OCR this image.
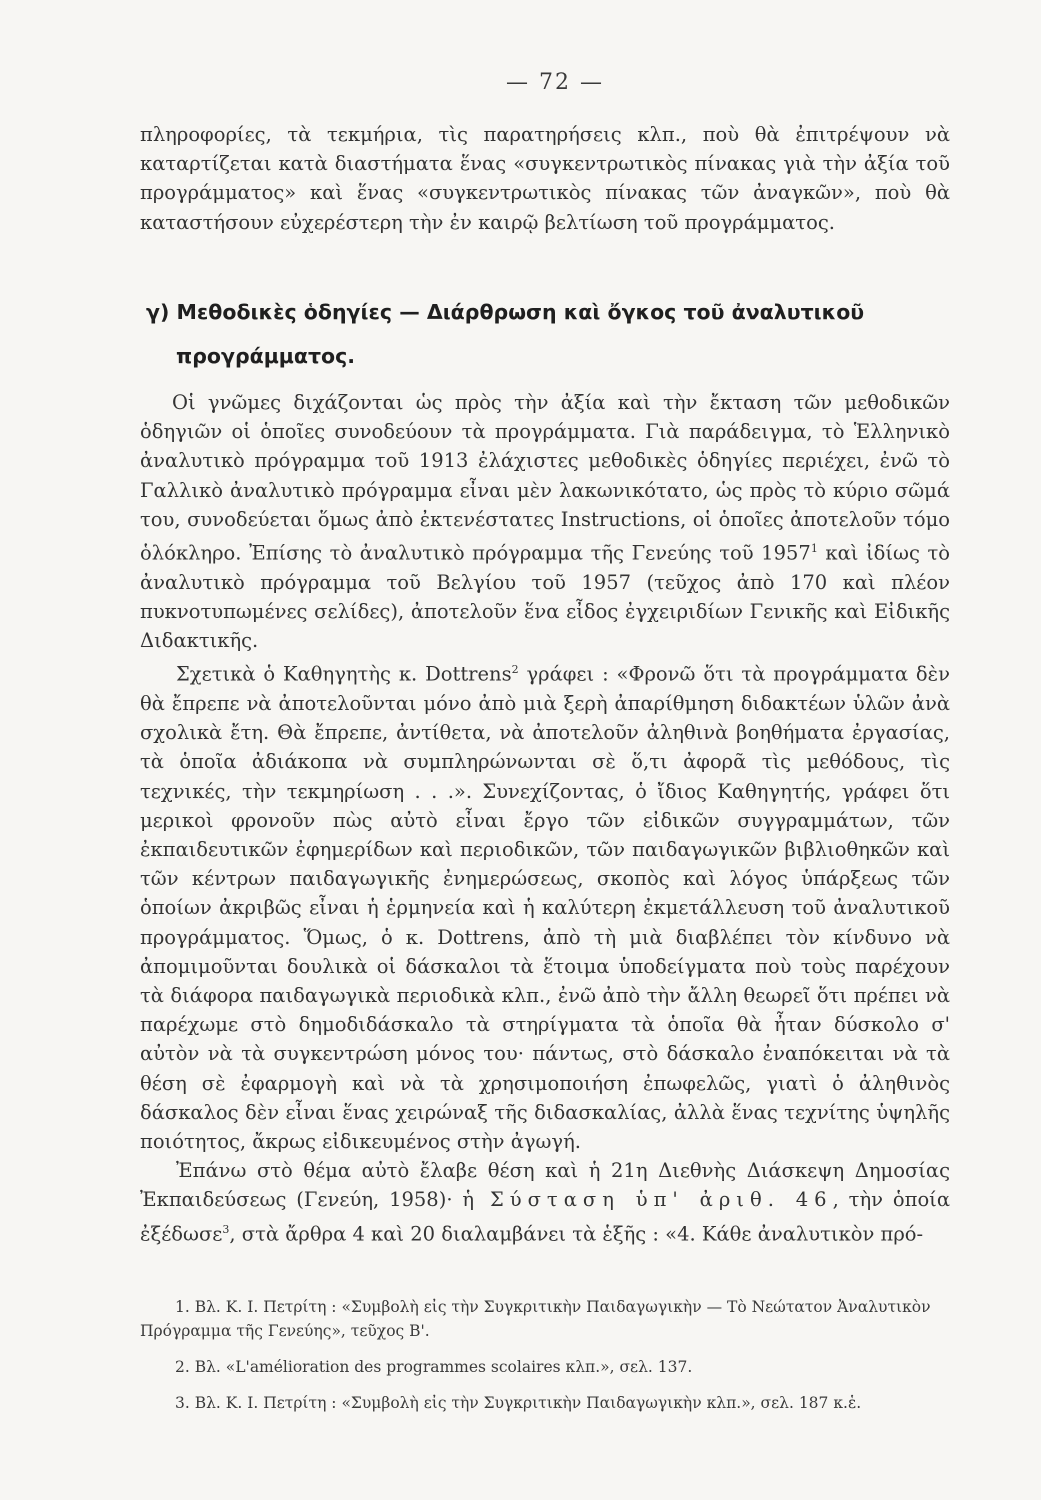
— 72 —
πληροφορίες, τὰ τεκμήρια, τὶς παρατηρήσεις κλπ., ποὺ θὰ ἐπιτρέψουν νὰ καταρτίζεται κατὰ διαστήματα ἕνας «συγκεντρωτικὸς πίνακας γιὰ τὴν ἀξία τοῦ προγράμματος» καὶ ἕνας «συγκεντρωτικὸς πίνακας τῶν ἀναγκῶν», ποὺ θὰ καταστήσουν εὐχερέστερη τὴν ἐν καιρῷ βελτίωση τοῦ προγράμματος.
γ) Μεθοδικὲς ὁδηγίες — Διάρθρωση καὶ ὄγκος τοῦ ἀναλυτικοῦ
προγράμματος.

Οἱ γνῶμες διχάζονται ὡς πρὸς τὴν ἀξία καὶ τὴν ἔκταση τῶν μεθοδικῶν ὁδηγιῶν οἱ ὁποῖες συνοδεύουν τὰ προγράμματα. Γιὰ παράδειγμα, τὸ Ἑλληνικὸ ἀναλυτικὸ πρόγραμμα τοῦ 1913 ἐλάχιστες μεθοδικὲς ὁδηγίες περιέχει, ἐνῶ τὸ Γαλλικὸ ἀναλυτικὸ πρόγραμμα εἶναι μὲν λακωνικότατο, ὡς πρὸς τὸ κύριο σῶμά του, συνοδεύεται ὅμως ἀπὸ ἐκτενέστατες Instructions, οἱ ὁποῖες ἀποτελοῦν τόμο ὁλόκληρο. Ἐπίσης τὸ ἀναλυτικὸ πρόγραμμα τῆς Γενεύης τοῦ 1957$^1$ καὶ ἰδίως τὸ ἀναλυτικὸ πρόγραμμα τοῦ Βελγίου τοῦ 1957 (τεῦχος ἀπὸ 170 καὶ πλέον πυκνοτυπωμένες σελίδες), ἀποτελοῦν ἕνα εἶδος ἐγχειριδίων Γενικῆς καὶ Εἰδικῆς Διδακτικῆς.

Σχετικὰ ὁ Καθηγητὴς κ. Dottrens$^2$ γράφει : «Φρονῶ ὅτι τὰ προγράμματα δὲν θὰ ἔπρεπε νὰ ἀποτελοῦνται μόνο ἀπὸ μιὰ ξερὴ ἀπαρίθμηση διδακτέων ὑλῶν ἀνὰ σχολικὰ ἔτη. Θὰ ἔπρεπε, ἀντίθετα, νὰ ἀποτελοῦν ἀληθινὰ βοηθήματα ἐργασίας, τὰ ὁποῖα ἀδιάκοπα νὰ συμπληρώνωνται σὲ ὅ,τι ἀφορᾶ τὶς μεθόδους, τὶς τεχνικές, τὴν τεκμηρίωση . . .». Συνεχίζοντας, ὁ ἴδιος Καθηγητής, γράφει ὅτι μερικοὶ φρονοῦν πὼς αὐτὸ εἶναι ἔργο τῶν εἰδικῶν συγγραμμάτων, τῶν ἐκπαιδευτικῶν ἐφημερίδων καὶ περιοδικῶν, τῶν παιδαγωγικῶν βιβλιοθηκῶν καὶ τῶν κέντρων παιδαγωγικῆς ἐνημερώσεως, σκοπὸς καὶ λόγος ὑπάρξεως τῶν ὁποίων ἀκριβῶς εἶναι ἡ ἑρμηνεία καὶ ἡ καλύτερη ἐκμετάλλευση τοῦ ἀναλυτικοῦ προγράμματος. Ὅμως, ὁ κ. Dottrens, ἀπὸ τὴ μιὰ διαβλέπει τὸν κίνδυνο νὰ ἀπομιμοῦνται δουλικὰ οἱ δάσκαλοι τὰ ἕτοιμα ὑποδείγματα ποὺ τοὺς παρέχουν τὰ διάφορα παιδαγωγικὰ περιοδικὰ κλπ., ἐνῶ ἀπὸ τὴν ἄλλη θεωρεῖ ὅτι πρέπει νὰ παρέχωμε στὸ δημοδιδάσκαλο τὰ στηρίγματα τὰ ὁποῖα θὰ ἦταν δύσκολο σ' αὐτὸν νὰ τὰ συγκεντρώση μόνος του· πάντως, στὸ δάσκαλο ἐναπόκειται νὰ τὰ θέση σὲ ἐφαρμογὴ καὶ νὰ τὰ χρησιμοποιήση ἐπωφελῶς, γιατὶ ὁ ἀληθινὸς δάσκαλος δὲν εἶναι ἕνας χειρώναξ τῆς διδασκαλίας, ἀλλὰ ἕνας τεχνίτης ὑψηλῆς ποιότητος, ἄκρως εἰδικευμένος στὴν ἀγωγή.

Ἐπάνω στὸ θέμα αὐτὸ ἔλαβε θέση καὶ ἡ 21η Διεθνὴς Διάσκεψη Δημοσίας Ἐκπαιδεύσεως (Γενεύη, 1958)· ἡ Σύσταση ὑπ' ἀριθ. 46, τὴν ὁποία ἐξέδωσε$^3$, στὰ ἄρθρα 4 καὶ 20 διαλαμβάνει τὰ ἑξῆς : «4. Κάθε ἀναλυτικὸν πρό-

1. Βλ. Κ. Ι. Πετρίτη : «Συμβολὴ εἰς τὴν Συγκριτικὴν Παιδαγωγικὴν — Τὸ Νεώτατον Ἀναλυτικὸν Πρόγραμμα τῆς Γενεύης», τεῦχος Β'.

2. Βλ. «L'amélioration des programmes scolaires κλπ.», σελ. 137.

3. Βλ. Κ. Ι. Πετρίτη : «Συμβολὴ εἰς τὴν Συγκριτικὴν Παιδαγωγικὴν κλπ.», σελ. 187 κ.ἑ.
